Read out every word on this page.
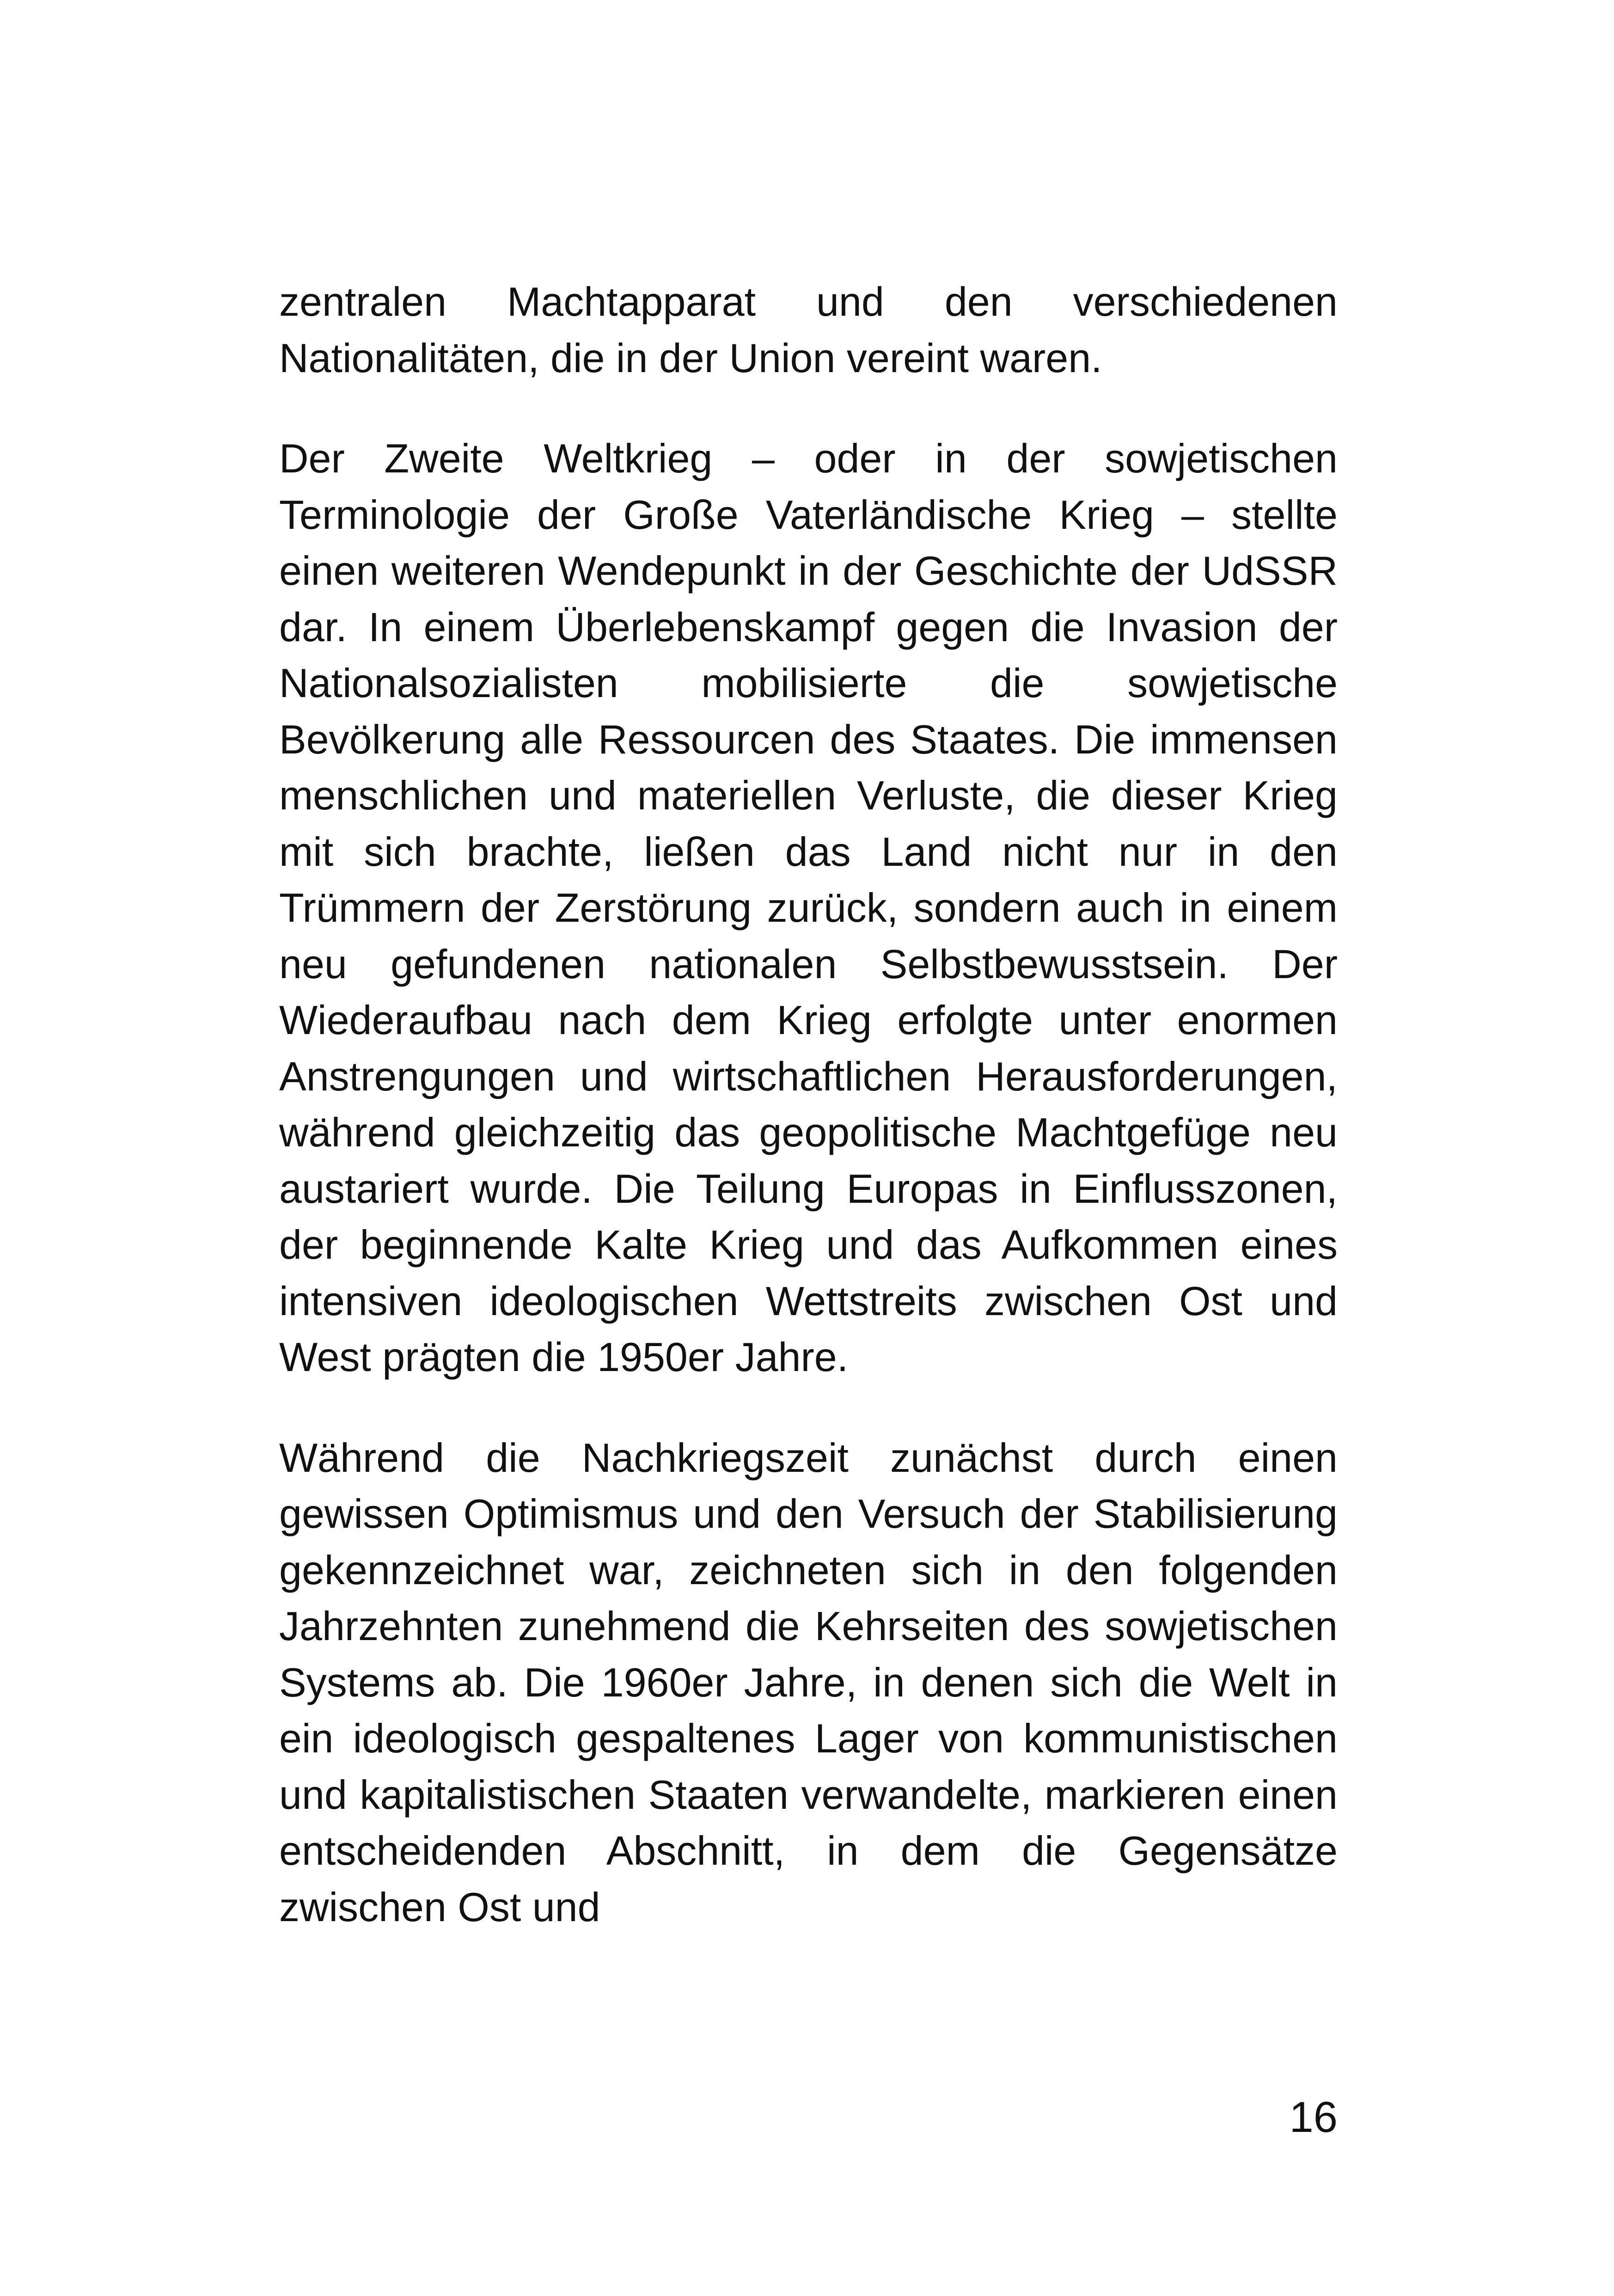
zentralen Machtapparat und den verschiedenen Nationalitäten, die in der Union vereint waren.

Der Zweite Weltkrieg – oder in der sowjetischen Terminologie der Große Vaterländische Krieg – stellte einen weiteren Wendepunkt in der Geschichte der UdSSR dar. In einem Überlebenskampf gegen die Invasion der Nationalsozialisten mobilisierte die sowjetische Bevölkerung alle Ressourcen des Staates. Die immensen menschlichen und materiellen Verluste, die dieser Krieg mit sich brachte, ließen das Land nicht nur in den Trümmern der Zerstörung zurück, sondern auch in einem neu gefundenen nationalen Selbstbewusstsein. Der Wiederaufbau nach dem Krieg erfolgte unter enormen Anstrengungen und wirtschaftlichen Herausforderungen, während gleichzeitig das geopolitische Machtgefüge neu austariert wurde. Die Teilung Europas in Einflusszonen, der beginnende Kalte Krieg und das Aufkommen eines intensiven ideologischen Wettstreits zwischen Ost und West prägten die 1950er Jahre.

Während die Nachkriegszeit zunächst durch einen gewissen Optimismus und den Versuch der Stabilisierung gekennzeichnet war, zeichneten sich in den folgenden Jahrzehnten zunehmend die Kehrseiten des sowjetischen Systems ab. Die 1960er Jahre, in denen sich die Welt in ein ideologisch gespaltenes Lager von kommunistischen und kapitalistischen Staaten verwandelte, markieren einen entscheidenden Abschnitt, in dem die Gegensätze zwischen Ost und

16
